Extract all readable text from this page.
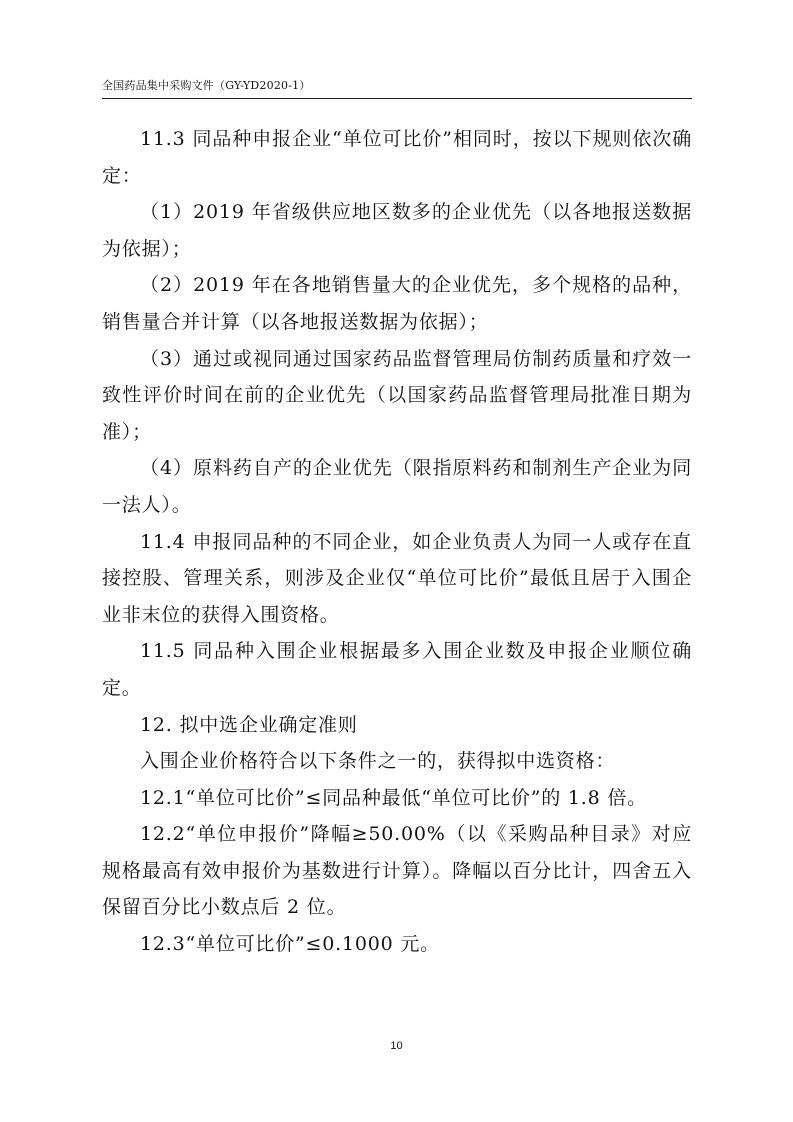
全国药品集中采购文件（GY-YD2020-1）

11.3 同品种申报企业“单位可比价”相同时，按以下规则依次确定：

（1）2019 年省级供应地区数多的企业优先（以各地报送数据为依据）；

（2）2019 年在各地销售量大的企业优先，多个规格的品种，销售量合并计算（以各地报送数据为依据）；

（3）通过或视同通过国家药品监督管理局仿制药质量和疗效一致性评价时间在前的企业优先（以国家药品监督管理局批准日期为准）；

（4）原料药自产的企业优先（限指原料药和制剂生产企业为同一法人）。

11.4 申报同品种的不同企业，如企业负责人为同一人或存在直接控股、管理关系，则涉及企业仅“单位可比价”最低且居于入围企业非末位的获得入围资格。

11.5 同品种入围企业根据最多入围企业数及申报企业顺位确定。

12. 拟中选企业确定准则

入围企业价格符合以下条件之一的，获得拟中选资格：

12.1“单位可比价”≤同品种最低“单位可比价”的 1.8 倍。

12.2“单位申报价”降幅≥50.00%（以《采购品种目录》对应规格最高有效申报价为基数进行计算）。降幅以百分比计，四舍五入保留百分比小数点后 2 位。

12.3“单位可比价”≤0.1000 元。

10
